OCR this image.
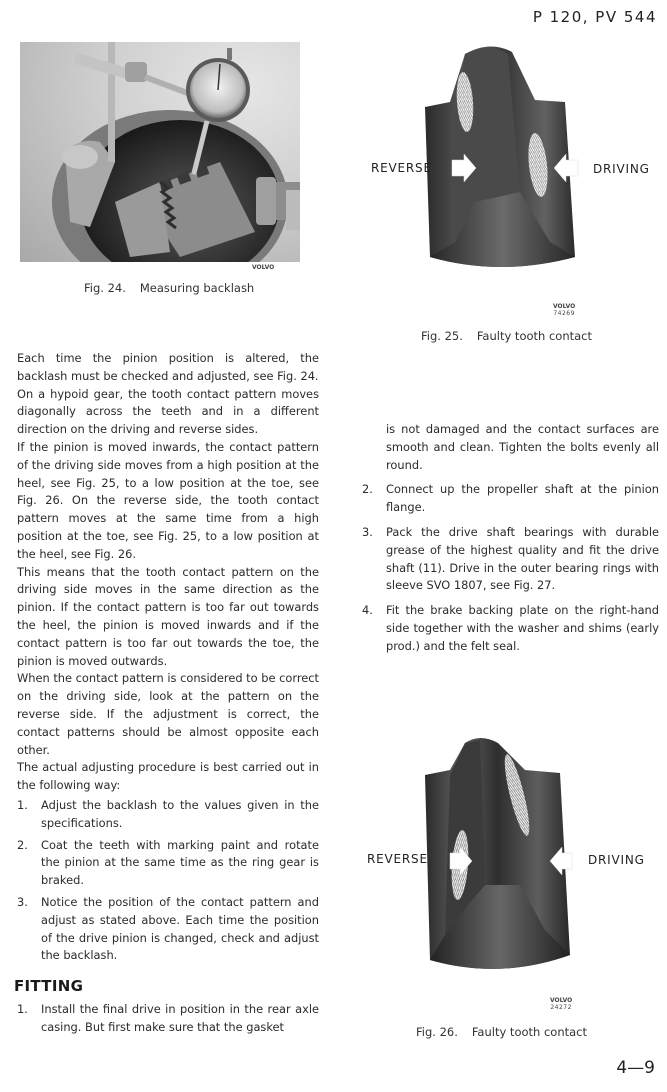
P 120, PV 544
VOLVO
Fig. 24. Measuring backlash
REVERSE	DRIVING
VOLVO
74269
Fig. 25. Faulty tooth contact
Each time the pinion position is altered, the backlash must be checked and adjusted, see Fig. 24.
On a hypoid gear, the tooth contact pattern moves diagonally across the teeth and in a different direction on the driving and reverse sides.
If the pinion is moved inwards, the contact pattern of the driving side moves from a high position at the heel, see Fig. 25, to a low position at the toe, see Fig. 26. On the reverse side, the tooth contact pattern moves at the same time from a high position at the toe, see Fig. 25, to a low position at the heel, see Fig. 26.
This means that the tooth contact pattern on the driving side moves in the same direction as the pinion. If the contact pattern is too far out towards the heel, the pinion is moved inwards and if the contact pattern is too far out towards the toe, the pinion is moved outwards.
When the contact pattern is considered to be correct on the driving side, look at the pattern on the reverse side. If the adjustment is correct, the contact patterns should be almost opposite each other.
The actual adjusting procedure is best carried out in the following way:
1.	Adjust the backlash to the values given in the specifications.
2.	Coat the teeth with marking paint and rotate the pinion at the same time as the ring gear is braked.
3.	Notice the position of the contact pattern and adjust as stated above. Each time the position of the drive pinion is changed, check and adjust the backlash.
FITTING
1.	Install the final drive in position in the rear axle casing. But first make sure that the gasket
is not damaged and the contact surfaces are smooth and clean. Tighten the bolts evenly all round.
2.	Connect up the propeller shaft at the pinion flange.
3.	Pack the drive shaft bearings with durable grease of the highest quality and fit the drive shaft (11). Drive in the outer bearing rings with sleeve SVO 1807, see Fig. 27.
4.	Fit the brake backing plate on the right-hand side together with the washer and shims (early prod.) and the felt seal.
REVERSE	DRIVING
VOLVO
24272
Fig. 26. Faulty tooth contact
4—9
